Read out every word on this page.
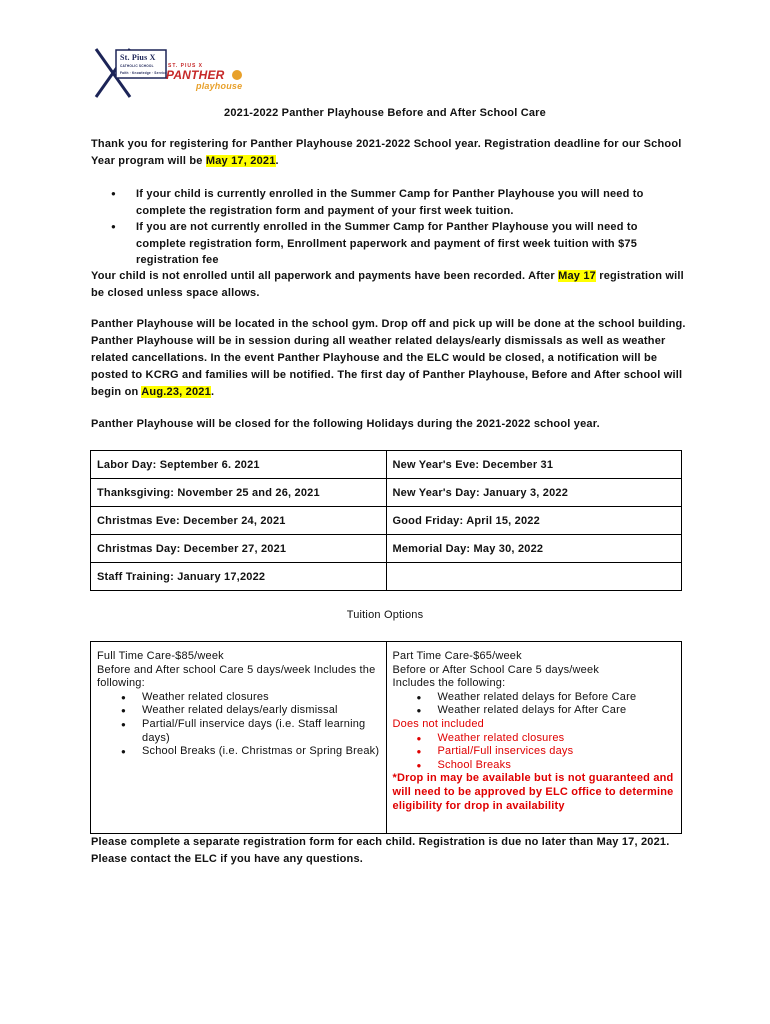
St. Pius X
CATHOLIC SCHOOL
Faith · Knowledge · Service
ST. PIUS X
PANTHER
playhouse
2021-2022 Panther Playhouse Before and After School Care
Thank you for registering for Panther Playhouse 2021-2022 School year. Registration deadline for our School Year program will be May 17, 2021.
● If your child is currently enrolled in the Summer Camp for Panther Playhouse you will need to complete the registration form and payment of your first week tuition.
● If you are not currently enrolled in the Summer Camp for Panther Playhouse you will need to complete registration form, Enrollment paperwork and payment of first week tuition with $75 registration fee
Your child is not enrolled until all paperwork and payments have been recorded. After May 17 registration will be closed unless space allows.
Panther Playhouse will be located in the school gym. Drop off and pick up will be done at the school building. Panther Playhouse will be in session during all weather related delays/early dismissals as well as weather related cancellations. In the event Panther Playhouse and the ELC would be closed, a notification will be posted to KCRG and families will be notified. The first day of Panther Playhouse, Before and After school will begin on Aug.23, 2021.
Panther Playhouse will be closed for the following Holidays during the 2021-2022 school year.
Labor Day: September 6. 2021	New Year's Eve: December 31
Thanksgiving: November 25 and 26, 2021	New Year's Day: January 3, 2022
Christmas Eve: December 24, 2021	Good Friday: April 15, 2022
Christmas Day: December 27, 2021	Memorial Day: May 30, 2022
Staff Training: January 17,2022	
Tuition Options
Full Time Care-$85/week
Before and After school Care 5 days/week Includes the following:
● Weather related closures
● Weather related delays/early dismissal
● Partial/Full inservice days (i.e. Staff learning days)
● School Breaks (i.e. Christmas or Spring Break)

Part Time Care-$65/week
Before or After School Care 5 days/week
Includes the following:
● Weather related delays for Before Care
● Weather related delays for After Care
Does not included
● Weather related closures
● Partial/Full inservices days
● School Breaks
*Drop in may be available but is not guaranteed and will need to be approved by ELC office to determine eligibility for drop in availability
Please complete a separate registration form for each child. Registration is due no later than May 17, 2021.
Please contact the ELC if you have any questions.
